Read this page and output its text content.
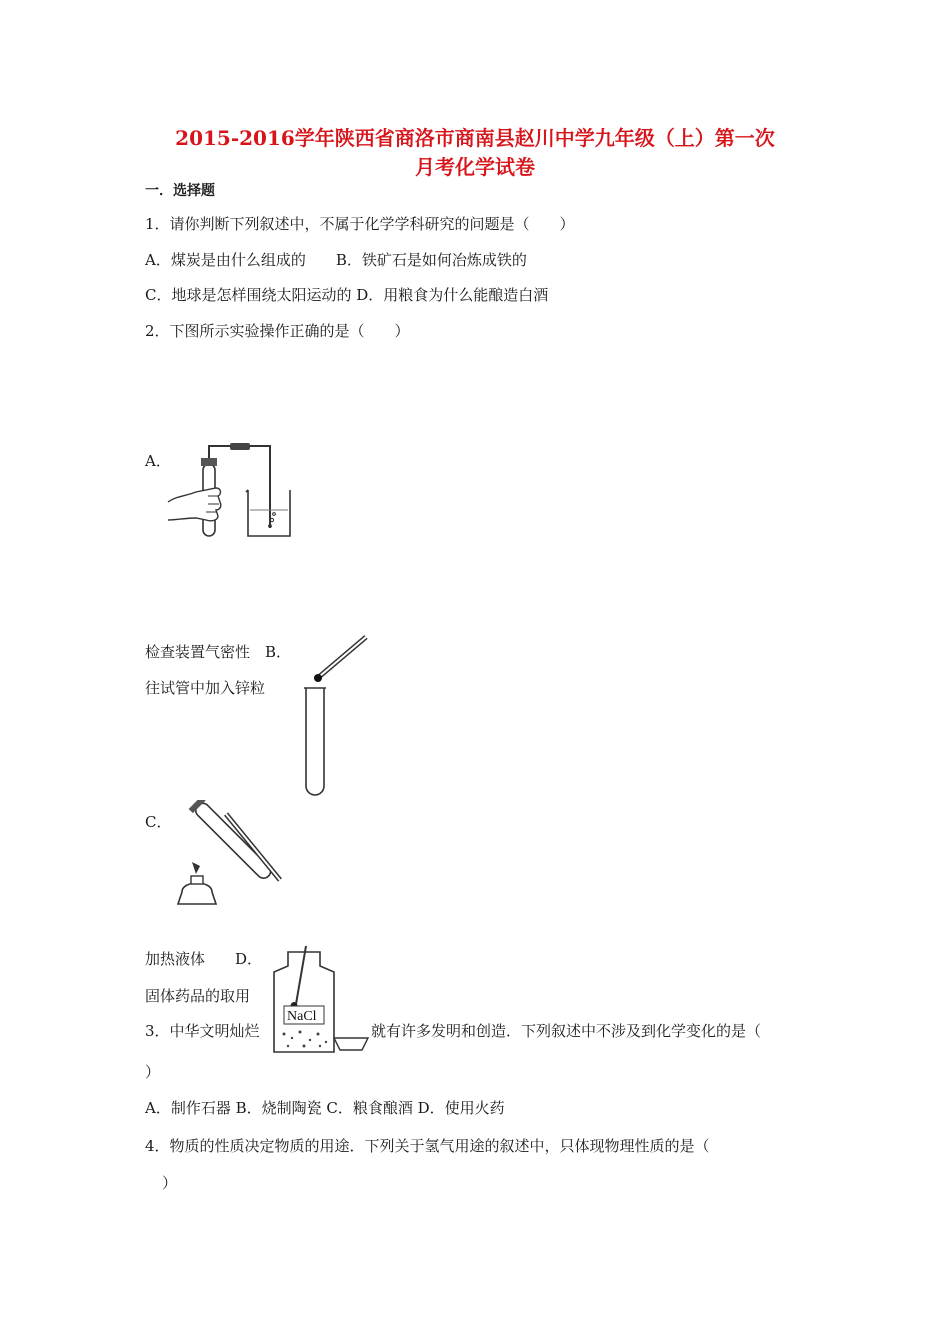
2015-2016学年陕西省商洛市商南县赵川中学九年级（上）第一次
月考化学试卷
一．选择题
1．请你判断下列叙述中，不属于化学学科研究的问题是（　　）
A．煤炭是由什么组成的　　B．铁矿石是如何冶炼成铁的
C．地球是怎样围绕太阳运动的 D．用粮食为什么能酿造白酒
2．下图所示实验操作正确的是（　　）
A．
检查装置气密性　B．
往试管中加入锌粒
C．
加热液体　　D．
固体药品的取用
NaCl
3．中华文明灿烂	就有许多发明和创造．下列叙述中不涉及到化学变化的是（
）
A．制作石器 B．烧制陶瓷 C．粮食酿酒 D．使用火药
4．物质的性质决定物质的用途．下列关于氢气用途的叙述中，只体现物理性质的是（
）
